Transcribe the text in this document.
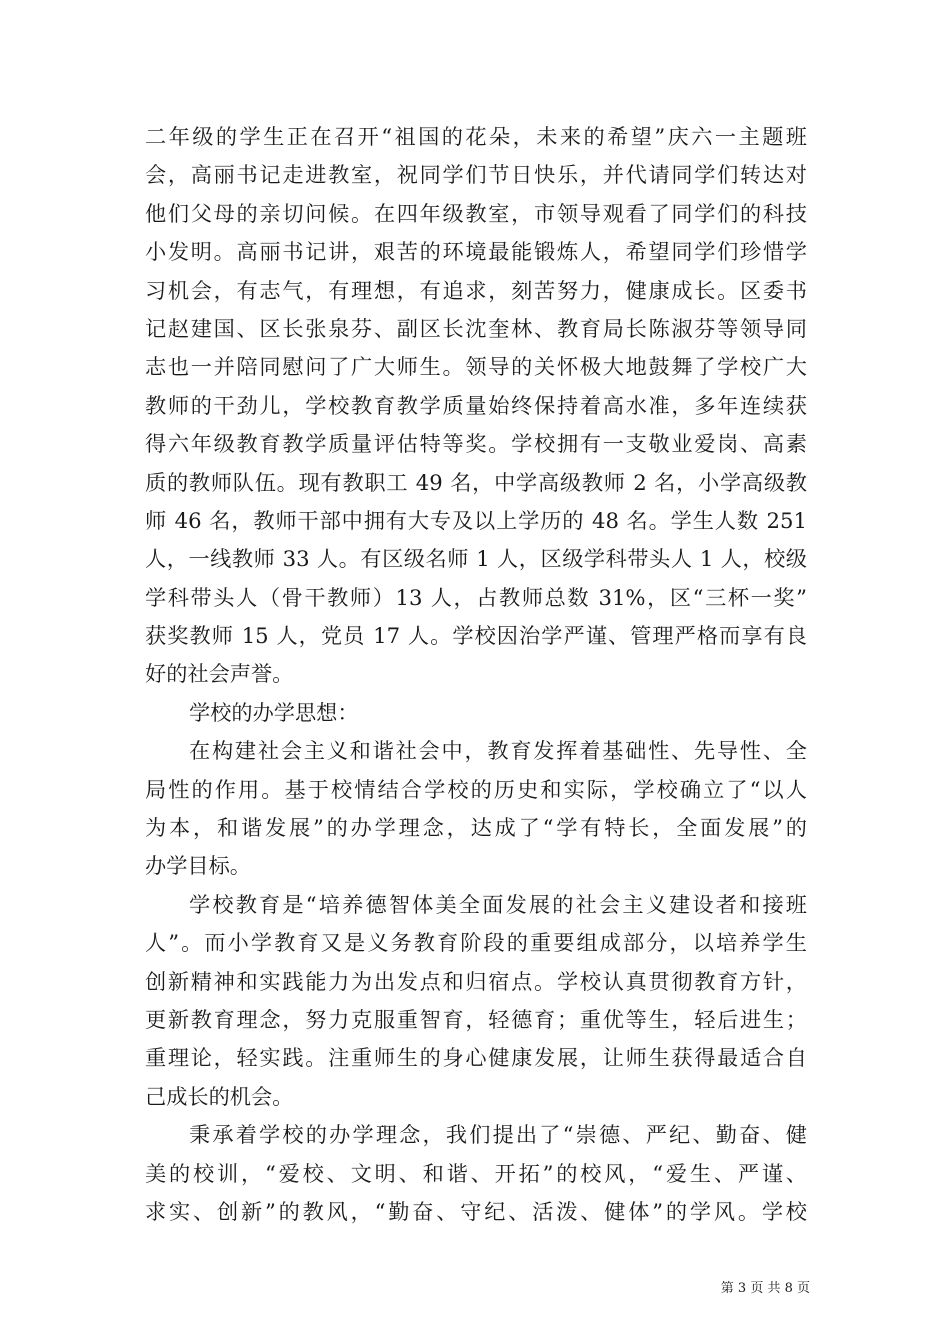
二年级的学生正在召开“祖国的花朵，未来的希望”庆六一主题班
会，高丽书记走进教室，祝同学们节日快乐，并代请同学们转达对
他们父母的亲切问候。在四年级教室，市领导观看了同学们的科技
小发明。高丽书记讲，艰苦的环境最能锻炼人，希望同学们珍惜学
习机会，有志气，有理想，有追求，刻苦努力，健康成长。区委书
记赵建国、区长张泉芬、副区长沈奎林、教育局长陈淑芬等领导同
志也一并陪同慰问了广大师生。领导的关怀极大地鼓舞了学校广大
教师的干劲儿，学校教育教学质量始终保持着高水准，多年连续获
得六年级教育教学质量评估特等奖。学校拥有一支敬业爱岗、高素
质的教师队伍。现有教职工 49 名，中学高级教师 2 名，小学高级教
师 46 名，教师干部中拥有大专及以上学历的 48 名。学生人数 251
人，一线教师 33 人。有区级名师 1 人，区级学科带头人 1 人，校级
学科带头人（骨干教师）13 人，占教师总数 31%，区“三杯一奖”
获奖教师 15 人，党员 17 人。学校因治学严谨、管理严格而享有良
好的社会声誉。
学校的办学思想：
在构建社会主义和谐社会中，教育发挥着基础性、先导性、全
局性的作用。基于校情结合学校的历史和实际，学校确立了“以人
为本，和谐发展”的办学理念，达成了“学有特长，全面发展”的
办学目标。
学校教育是“培养德智体美全面发展的社会主义建设者和接班
人”。而小学教育又是义务教育阶段的重要组成部分，以培养学生
创新精神和实践能力为出发点和归宿点。学校认真贯彻教育方针，
更新教育理念，努力克服重智育，轻德育；重优等生，轻后进生；
重理论，轻实践。注重师生的身心健康发展，让师生获得最适合自
己成长的机会。
秉承着学校的办学理念，我们提出了“崇德、严纪、勤奋、健
美的校训，“爱校、文明、和谐、开拓”的校风，“爱生、严谨、
求实、创新”的教风，“勤奋、守纪、活泼、健体”的学风。学校
第 3 页 共 8 页
